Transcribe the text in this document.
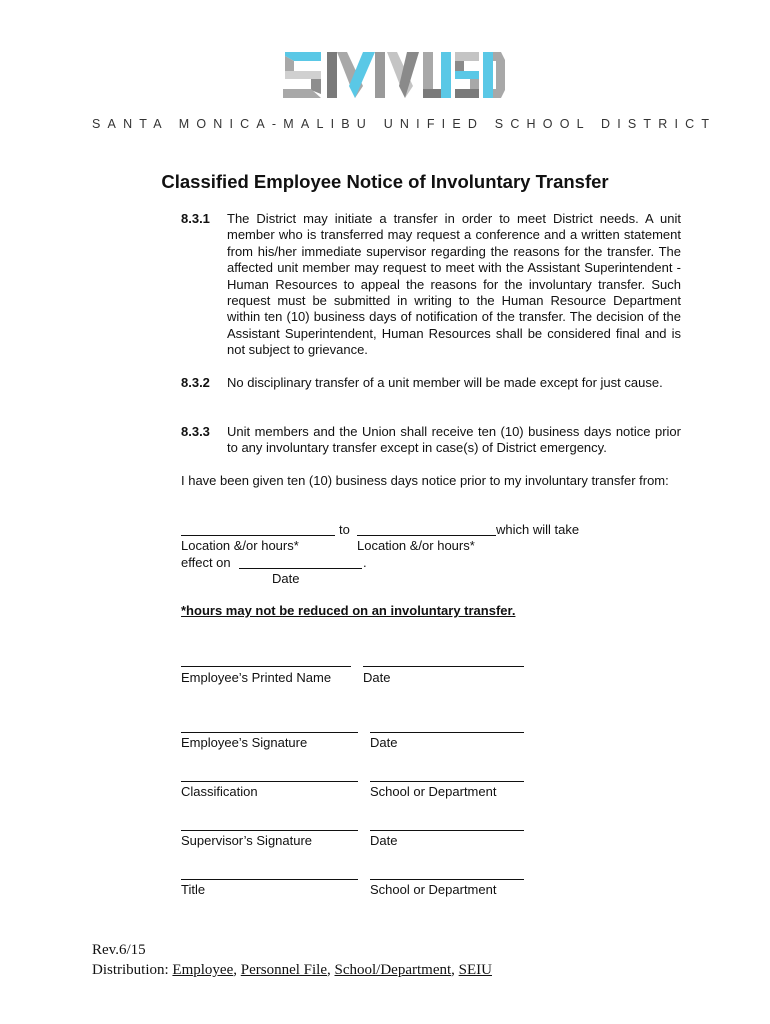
SANTA MONICA-MALIBU UNIFIED SCHOOL DISTRICT
Classified Employee Notice of Involuntary Transfer
8.3.1 The District may initiate a transfer in order to meet District needs. A unit member who is transferred may request a conference and a written statement from his/her immediate supervisor regarding the reasons for the transfer. The affected unit member may request to meet with the Assistant Superintendent - Human Resources to appeal the reasons for the involuntary transfer. Such request must be submitted in writing to the Human Resource Department within ten (10) business days of notification of the transfer. The decision of the Assistant Superintendent, Human Resources shall be considered final and is not subject to grievance.
8.3.2 No disciplinary transfer of a unit member will be made except for just cause.
8.3.3 Unit members and the Union shall receive ten (10) business days notice prior to any involuntary transfer except in case(s) of District emergency.
I have been given ten (10) business days notice prior to my involuntary transfer from:
to	which will take
Location &/or hours*	Location &/or hours*
effect on	.
Date
*hours may not be reduced on an involuntary transfer.
Employee’s Printed Name Date
Employee’s Signature	Date
Classification	School or Department
Supervisor’s Signature	Date
Title	School or Department
Rev.6/15
Distribution: Employee, Personnel File, School/Department, SEIU
